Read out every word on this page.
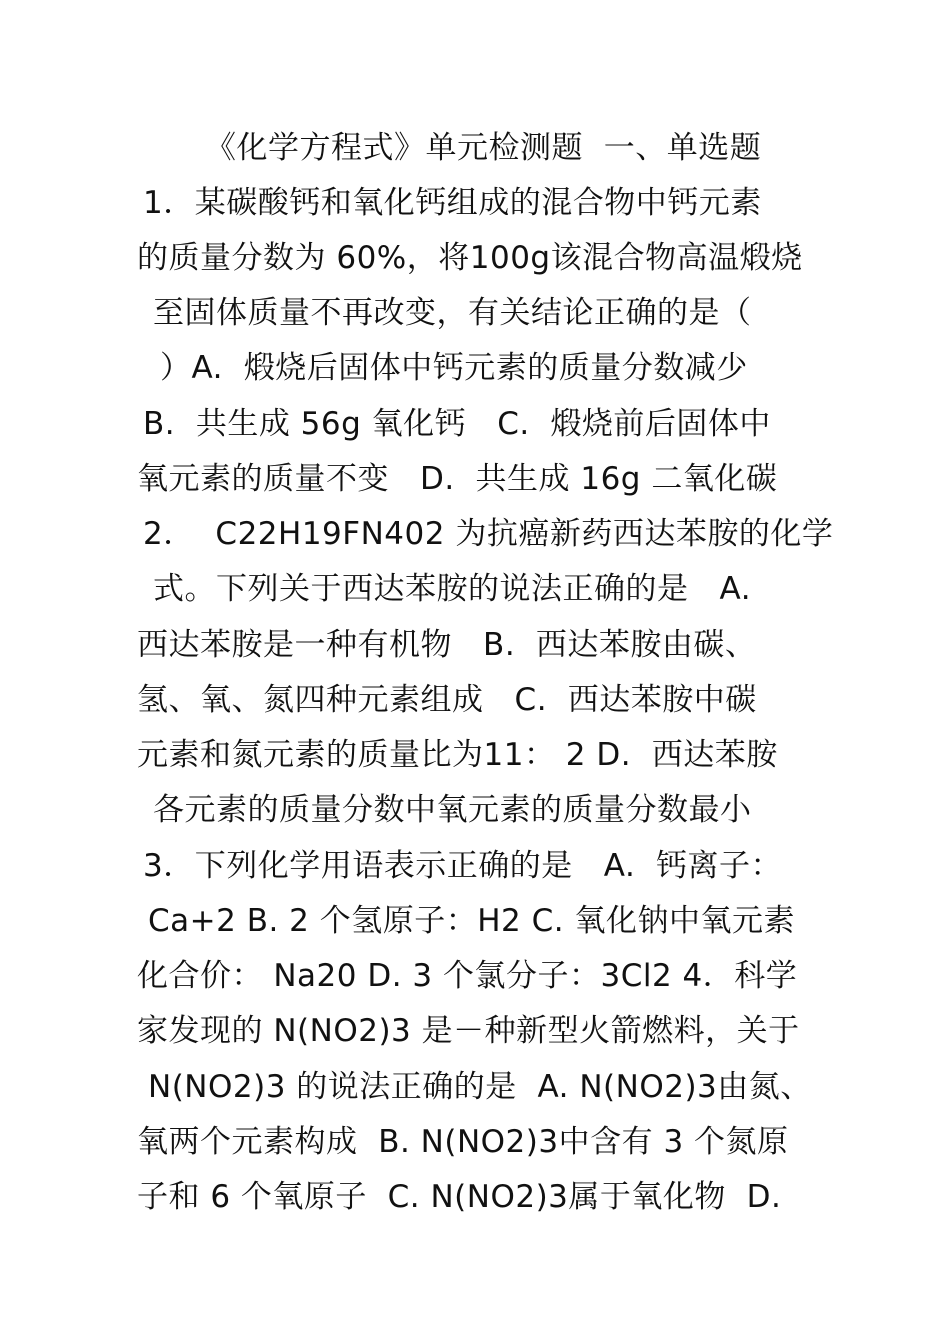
《化学方程式》单元检测题  一、单选题
1．某碳酸钙和氧化钙组成的混合物中钙元素
的质量分数为 60%，将100g该混合物高温煅烧
至固体质量不再改变，有关结论正确的是（
）A.  煅烧后固体中钙元素的质量分数减少
B.  共生成 56g 氧化钙   C.  煅烧前后固体中
氧元素的质量不变   D.  共生成 16g 二氧化碳
2．  C22H19FN402 为抗癌新药西达苯胺的化学
式。下列关于西达苯胺的说法正确的是   A.
西达苯胺是一种有机物   B.  西达苯胺由碳、
氢、氧、氮四种元素组成   C.  西达苯胺中碳
元素和氮元素的质量比为11： 2 D.  西达苯胺
各元素的质量分数中氧元素的质量分数最小
3．下列化学用语表示正确的是   A.  钙离子：
Ca+2 B. 2 个氢原子：H2 C. 氧化钠中氧元素
化合价： Na20 D. 3 个氯分子：3Cl2 4．科学
家发现的 N(NO2)3 是－种新型火箭燃料，关于
N(NO2)3 的说法正确的是  A. N(NO2)3由氮、
氧两个元素构成  B. N(NO2)3中含有 3 个氮原
子和 6 个氧原子  C. N(NO2)3属于氧化物  D.
